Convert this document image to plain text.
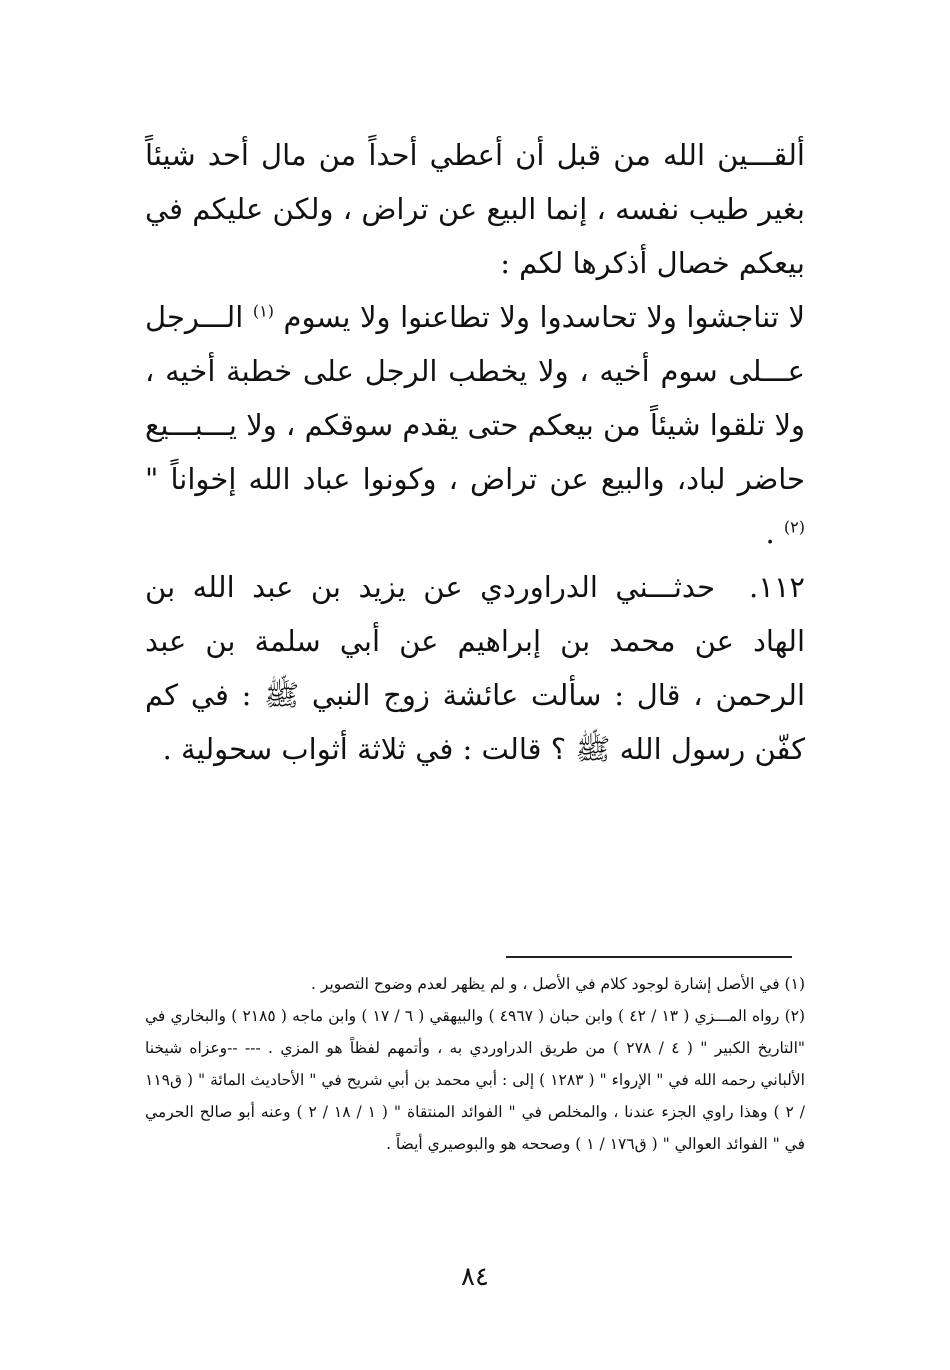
ألقـــين الله من قبل أن أعطي أحداً من مال أحد شيئاً بغير طيب نفسه ، إنما البيع عن تراض ، ولكن عليكم في بيعكم خصال أذكرها لكم :

لا تناجشوا ولا تحاسدوا ولا تطاعنوا ولا يسوم $^{(١)}$ الـــرجل عـــلى سوم أخيه ، ولا يخطب الرجل على خطبة أخيه ، ولا تلقوا شيئاً من بيعكم حتى يقدم سوقكم ، ولا يـــبـــيع حاضر لباد، والبيع عن تراض ، وكونوا عباد الله إخواناً " $^{(٢)}$ .

١١٢.حدثـــني الدراوردي عن يزيد بن عبد الله بن الهاد عن محمد بن إبراهيم عن أبي سلمة بن عبد الرحمن ، قال : سألت عائشة زوج النبي ﷺ : في كم كفّن رسول الله ﷺ ؟ قالت : في ثلاثة أثواب سحولية .

(١) في الأصل إشارة لوجود كلام في الأصل ، و لم يظهر لعدم وضوح التصوير .

(٢) رواه المـــزي ( ١٣ / ٤٢ ) وابن حبان ( ٤٩٦٧ ) والبيهقي ( ٦ / ١٧ ) وابن ماجه ( ٢١٨٥ ) والبخاري في "التاريخ الكبير " ( ٤ / ٢٧٨ ) من طريق الدراوردي به ، وأتمهم لفظاً هو المزي . --- --وعزاه شيخنا الألباني رحمه الله في " الإرواء " ( ١٢٨٣ ) إلى : أبي محمد بن أبي شريح في " الأحاديث المائة " ( ق١١٩ / ٢ ) وهذا راوي الجزء عندنا ، والمخلص في " الفوائد المنتقاة " ( ١ / ١٨ / ٢ ) وعنه أبو صالح الحرمي في " الفوائد العوالي " ( ق١٧٦ / ١ ) وصححه هو والبوصيري أيضاً .

٨٤
